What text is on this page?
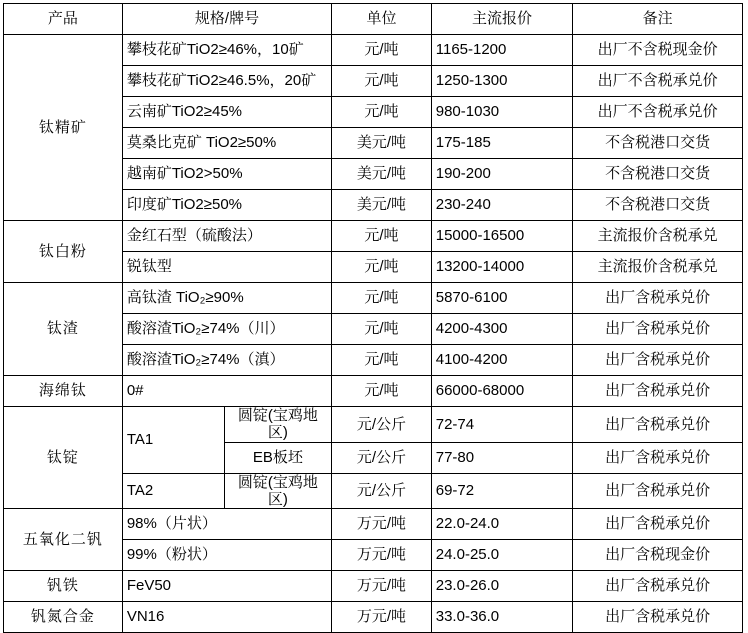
产品	规格/牌号		单位	主流报价	备注
钛精矿	攀枝花矿TiO2≥46%，10矿		元/吨	1165-1200	出厂不含税现金价
	攀枝花矿TiO2≥46.5%，20矿		元/吨	1250-1300	出厂不含税承兑价
	云南矿TiO2≥45%		元/吨	980-1030	出厂不含税承兑价
	莫桑比克矿 TiO2≥50%		美元/吨	175-185	不含税港口交货
	越南矿TiO2>50%		美元/吨	190-200	不含税港口交货
	印度矿TiO2≥50%		美元/吨	230-240	不含税港口交货
钛白粉	金红石型（硫酸法）		元/吨	15000-16500	主流报价含税承兑
	锐钛型		元/吨	13200-14000	主流报价含税承兑
钛渣	高钛渣 TiO₂≥90%		元/吨	5870-6100	出厂含税承兑价
	酸溶渣TiO₂≥74%（川）		元/吨	4200-4300	出厂含税承兑价
	酸溶渣TiO₂≥74%（滇）		元/吨	4100-4200	出厂含税承兑价
海绵钛	0#		元/吨	66000-68000	出厂含税承兑价
钛锭	TA1	圆锭(宝鸡地区)	元/公斤	72-74	出厂含税承兑价
		EB板坯	元/公斤	77-80	出厂含税承兑价
	TA2	圆锭(宝鸡地区)	元/公斤	69-72	出厂含税承兑价
五氧化二钒	98%（片状）		万元/吨	22.0-24.0	出厂含税承兑价
	99%（粉状）		万元/吨	24.0-25.0	出厂含税现金价
钒铁	FeV50		万元/吨	23.0-26.0	出厂含税承兑价
钒氮合金	VN16		万元/吨	33.0-36.0	出厂含税承兑价
